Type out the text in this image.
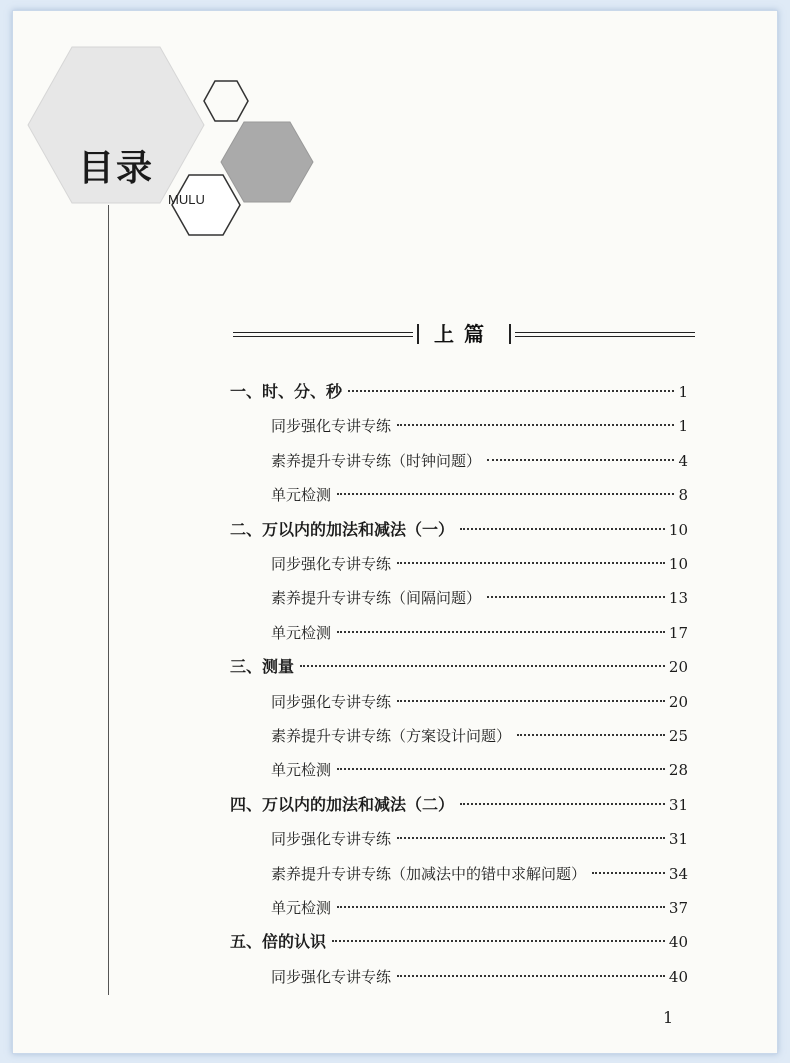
目录
MULU
上篇
一、时、分、秒	1
同步强化专讲专练	1
素养提升专讲专练（时钟问题）	4
单元检测	8
二、万以内的加法和减法（一）	10
同步强化专讲专练	10
素养提升专讲专练（间隔问题）	13
单元检测	17
三、测量	20
同步强化专讲专练	20
素养提升专讲专练（方案设计问题）	25
单元检测	28
四、万以内的加法和减法（二）	31
同步强化专讲专练	31
素养提升专讲专练（加减法中的错中求解问题）	34
单元检测	37
五、倍的认识	40
同步强化专讲专练	40
1
